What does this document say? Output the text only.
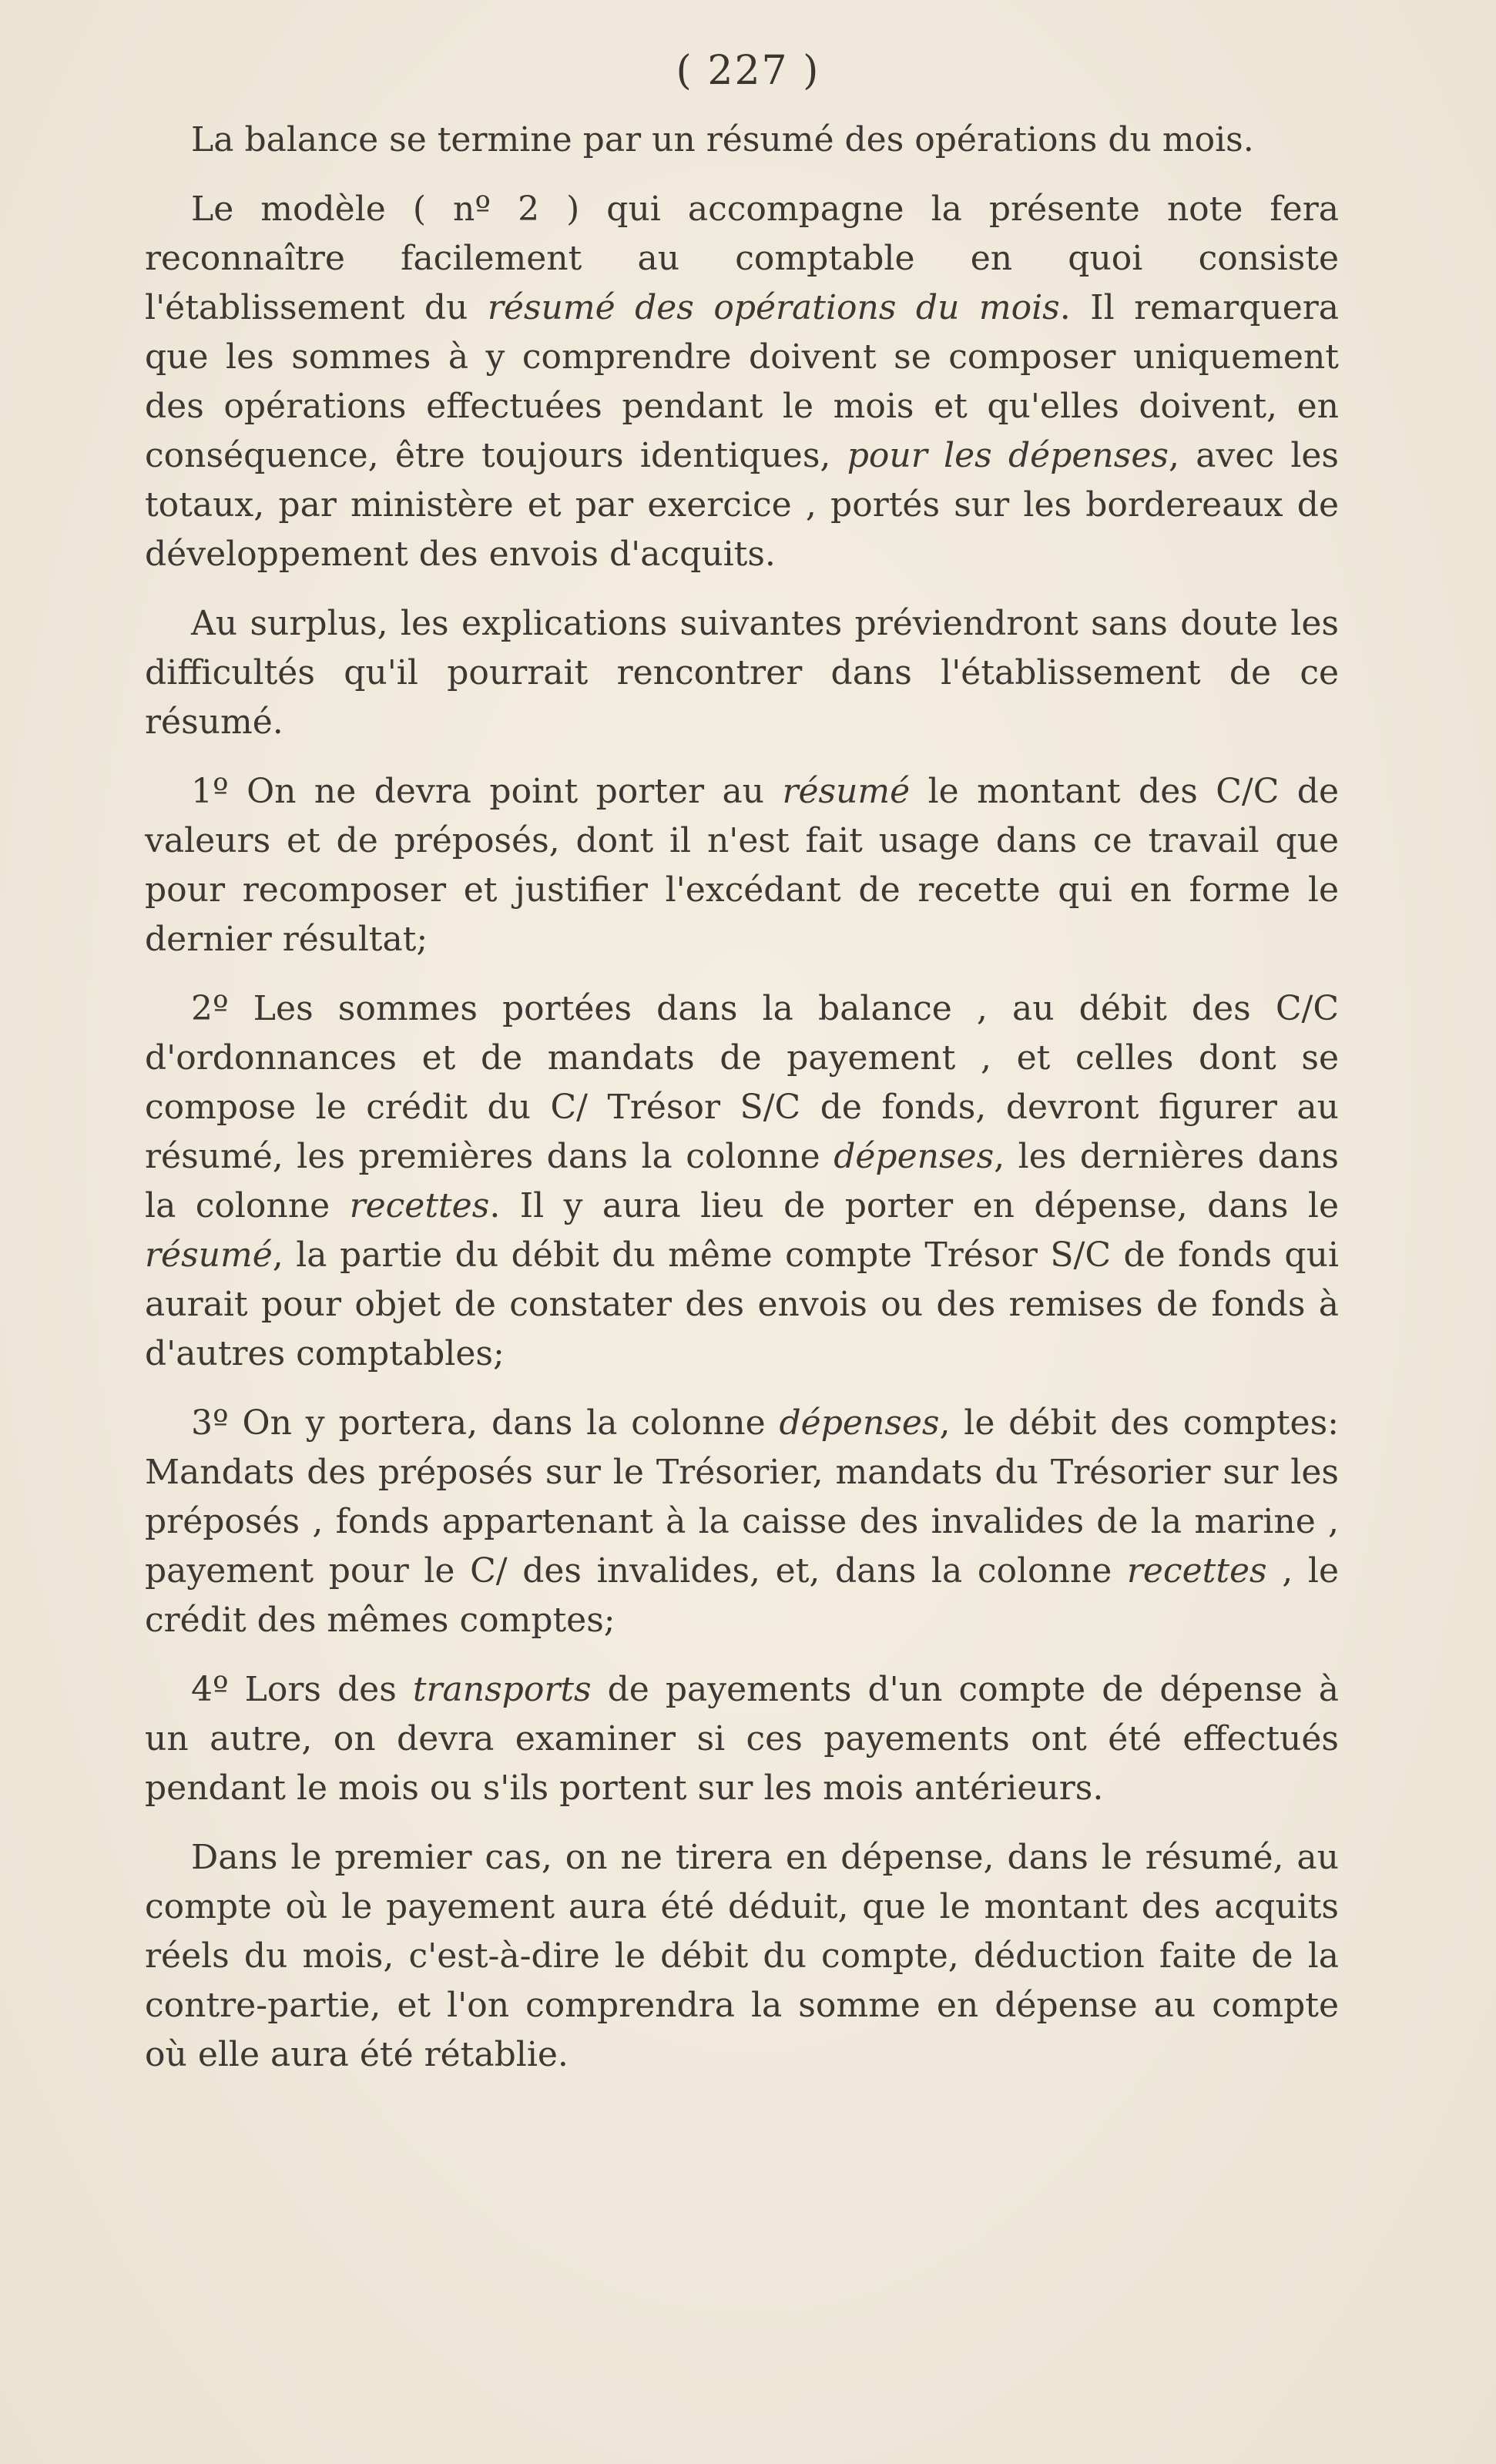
( 227 )

La balance se termine par un résumé des opérations du mois.

Le modèle ( nº 2 ) qui accompagne la présente note fera reconnaître facilement au comptable en quoi consiste l'établissement du résumé des opérations du mois. Il remarquera que les sommes à y comprendre doivent se composer uniquement des opérations effectuées pendant le mois et qu'elles doivent, en conséquence, être toujours identiques, pour les dépenses, avec les totaux, par ministère et par exercice , portés sur les bordereaux de développement des envois d'acquits.

Au surplus, les explications suivantes préviendront sans doute les difficultés qu'il pourrait rencontrer dans l'établissement de ce résumé.

1º On ne devra point porter au résumé le montant des C/C de valeurs et de préposés, dont il n'est fait usage dans ce travail que pour recomposer et justifier l'excédant de recette qui en forme le dernier résultat;

2º Les sommes portées dans la balance , au débit des C/C d'ordonnances et de mandats de payement , et celles dont se compose le crédit du C/ Trésor S/C de fonds, devront figurer au résumé, les premières dans la colonne dépenses, les dernières dans la colonne recettes. Il y aura lieu de porter en dépense, dans le résumé, la partie du débit du même compte Trésor S/C de fonds qui aurait pour objet de constater des envois ou des remises de fonds à d'autres comptables;

3º On y portera, dans la colonne dépenses, le débit des comptes: Mandats des préposés sur le Trésorier, mandats du Trésorier sur les préposés , fonds appartenant à la caisse des invalides de la marine , payement pour le C/ des invalides, et, dans la colonne recettes , le crédit des mêmes comptes;

4º Lors des transports de payements d'un compte de dépense à un autre, on devra examiner si ces payements ont été effectués pendant le mois ou s'ils portent sur les mois antérieurs.

Dans le premier cas, on ne tirera en dépense, dans le résumé, au compte où le payement aura été déduit, que le montant des acquits réels du mois, c'est-à-dire le débit du compte, déduction faite de la contre-partie, et l'on comprendra la somme en dépense au compte où elle aura été rétablie.
